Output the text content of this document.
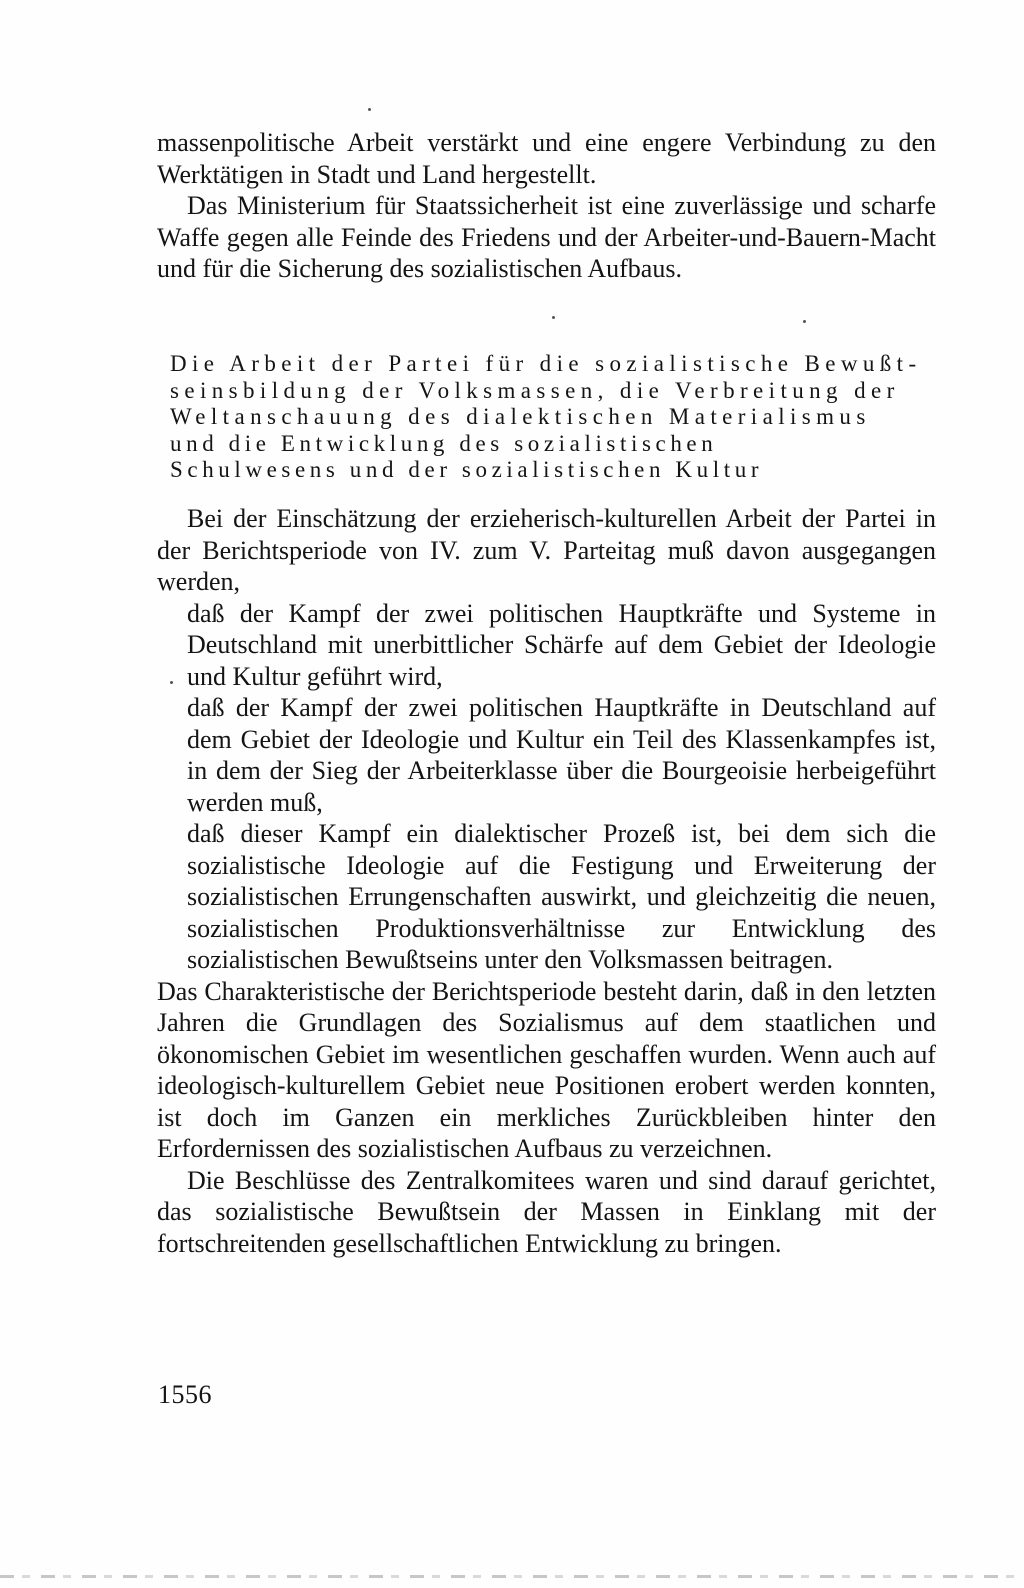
massenpolitische Arbeit verstärkt und eine engere Verbindung zu den Werktätigen in Stadt und Land hergestellt.

Das Ministerium für Staatssicherheit ist eine zuverlässige und scharfe Waffe gegen alle Feinde des Friedens und der Arbeiter-und-Bauern-Macht und für die Sicherung des sozialistischen Aufbaus.

Die Arbeit der Partei für die sozialistische Bewußt-
seinsbildung der Volksmassen, die Verbreitung der
Weltanschauung des dialektischen Materialismus
und die Entwicklung des sozialistischen
Schulwesens und der sozialistischen Kultur

Bei der Einschätzung der erzieherisch-kulturellen Arbeit der Partei in der Berichtsperiode von IV. zum V. Parteitag muß davon ausgegangen werden,

daß der Kampf der zwei politischen Hauptkräfte und Systeme in Deutschland mit unerbittlicher Schärfe auf dem Gebiet der Ideologie und Kultur geführt wird,

daß der Kampf der zwei politischen Hauptkräfte in Deutschland auf dem Gebiet der Ideologie und Kultur ein Teil des Klassenkampfes ist, in dem der Sieg der Arbeiterklasse über die Bourgeoisie herbeigeführt werden muß,

daß dieser Kampf ein dialektischer Prozeß ist, bei dem sich die sozialistische Ideologie auf die Festigung und Erweiterung der sozialistischen Errungenschaften auswirkt, und gleichzeitig die neuen, sozialistischen Produktionsverhältnisse zur Entwicklung des sozialistischen Bewußtseins unter den Volksmassen beitragen.

Das Charakteristische der Berichtsperiode besteht darin, daß in den letzten Jahren die Grundlagen des Sozialismus auf dem staatlichen und ökonomischen Gebiet im wesentlichen geschaffen wurden. Wenn auch auf ideologisch-kulturellem Gebiet neue Positionen erobert werden konnten, ist doch im Ganzen ein merkliches Zurückbleiben hinter den Erfordernissen des sozialistischen Aufbaus zu verzeichnen.

Die Beschlüsse des Zentralkomitees waren und sind darauf gerichtet, das sozialistische Bewußtsein der Massen in Einklang mit der fortschreitenden gesellschaftlichen Entwicklung zu bringen.

1556
